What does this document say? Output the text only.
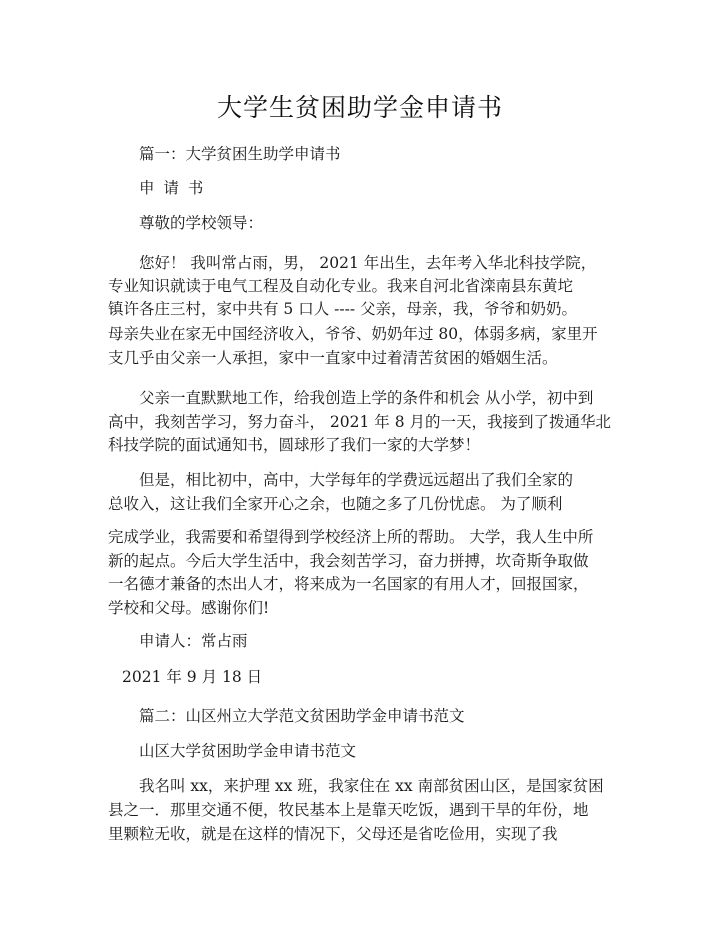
大学生贫困助学金申请书
篇一：大学贫困生助学申请书
申 请 书
尊敬的学校领导：
您好！ 我叫常占雨，男， 2021 年出生，去年考入华北科技学院，
专业知识就读于电气工程及自动化专业。我来自河北省滦南县东黄坨
镇许各庄三村，家中共有 5 口人 ---- 父亲，母亲，我，爷爷和奶奶。
母亲失业在家无中国经济收入，爷爷、奶奶年过 80，体弱多病，家里开
支几乎由父亲一人承担，家中一直家中过着清苦贫困的婚姻生活。
父亲一直默默地工作，给我创造上学的条件和机会 从小学，初中到
高中，我刻苦学习，努力奋斗， 2021 年 8 月的一天，我接到了拨通华北
科技学院的面试通知书，圆球形了我们一家的大学梦！
但是，相比初中，高中，大学每年的学费远远超出了我们全家的
总收入，这让我们全家开心之余，也随之多了几份忧虑。 为了顺利
完成学业，我需要和希望得到学校经济上所的帮助。 大学，我人生中所
新的起点。今后大学生活中，我会刻苦学习，奋力拼搏，坎奇斯争取做
一名德才兼备的杰出人才，将来成为一名国家的有用人才，回报国家，
学校和父母。感谢你们!
申请人：常占雨
2021 年 9 月 18 日
篇二：山区州立大学范文贫困助学金申请书范文
山区大学贫困助学金申请书范文
我名叫 xx，来护理 xx 班，我家住在 xx 南部贫困山区，是国家贫困
县之一．那里交通不便，牧民基本上是靠天吃饭，遇到干旱的年份，地
里颗粒无收，就是在这样的情况下，父母还是省吃俭用，实现了我
